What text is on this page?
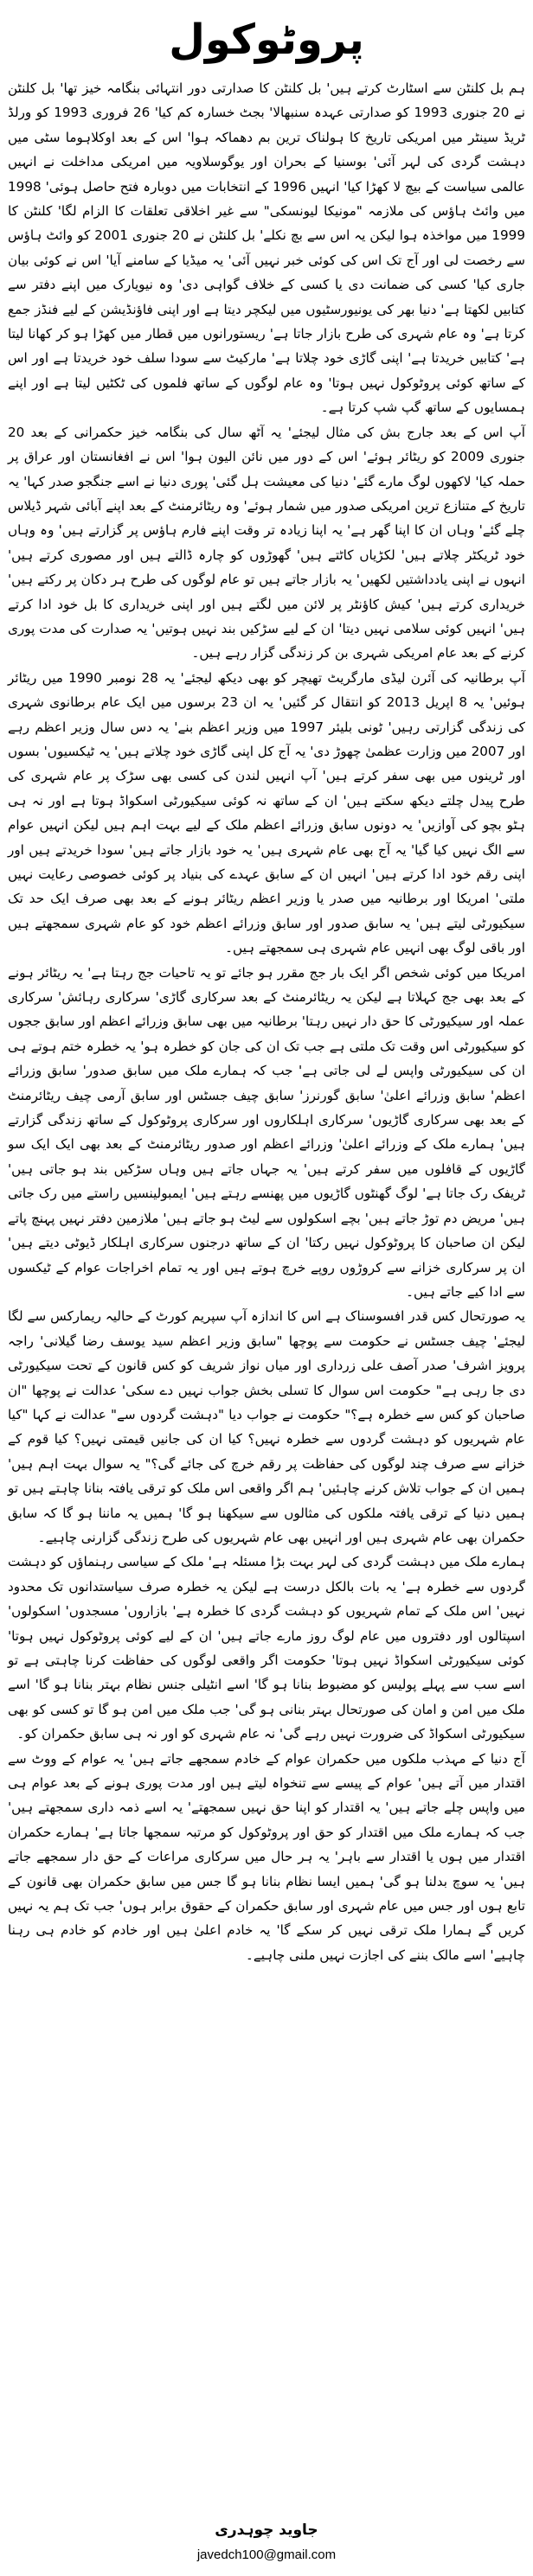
پروٹوکول

ہم بل کلنٹن سے اسٹارٹ کرتے ہیں' بل کلنٹن کا صدارتی دور انتہائی بنگامہ خیز تھا' بل کلنٹن نے 20 جنوری 1993 کو صدارتی عہدہ سنبھالا' بجٹ خسارہ کم کیا' 26 فروری 1993 کو ورلڈ ٹریڈ سینٹر میں امریکی تاریخ کا ہولناک ترین بم دھماکہ ہوا' اس کے بعد اوکلاہوما سٹی میں دہشت گردی کی لہر آئی' بوسنیا کے بحران اور یوگوسلاویہ میں امریکی مداخلت نے انہیں عالمی سیاست کے بیچ لا کھڑا کیا' انہیں 1996 کے انتخابات میں دوبارہ فتح حاصل ہوئی' 1998 میں وائٹ ہاؤس کی ملازمہ "مونیکا لیونسکی" سے غیر اخلاقی تعلقات کا الزام لگا' کلنٹن کا 1999 میں مواخذہ ہوا لیکن یہ اس سے بچ نکلے' بل کلنٹن نے 20 جنوری 2001 کو وائٹ ہاؤس سے رخصت لی اور آج تک اس کی کوئی خبر نہیں آئی' یہ میڈیا کے سامنے آیا' اس نے کوئی بیان جاری کیا' کسی کی ضمانت دی یا کسی کے خلاف گواہی دی' وہ نیویارک میں اپنے دفتر سے کتابیں لکھتا ہے' دنیا بھر کی یونیورسٹیوں میں لیکچر دیتا ہے اور اپنی فاؤنڈیشن کے لیے فنڈز جمع کرتا ہے' وہ عام شہری کی طرح بازار جاتا ہے' ریستورانوں میں قطار میں کھڑا ہو کر کھانا لیتا ہے' کتابیں خریدتا ہے' اپنی گاڑی خود چلاتا ہے' مارکیٹ سے سودا سلف خود خریدتا ہے اور اس کے ساتھ کوئی پروٹوکول نہیں ہوتا' وہ عام لوگوں کے ساتھ فلموں کی ٹکٹیں لیتا ہے اور اپنے ہمسایوں کے ساتھ گپ شپ کرتا ہے۔

آپ اس کے بعد جارج بش کی مثال لیجئے' یہ آٹھ سال کی بنگامہ خیز حکمرانی کے بعد 20 جنوری 2009 کو ریٹائر ہوئے' اس کے دور میں نائن الیون ہوا' اس نے افغانستان اور عراق پر حملہ کیا' لاکھوں لوگ مارے گئے' دنیا کی معیشت ہل گئی' پوری دنیا نے اسے جنگجو صدر کہا' یہ تاریخ کے متنازع ترین امریکی صدور میں شمار ہوئے' وہ ریٹائرمنٹ کے بعد اپنے آبائی شہر ڈیلاس چلے گئے' وہاں ان کا اپنا گھر ہے' یہ اپنا زیادہ تر وقت اپنے فارم ہاؤس پر گزارتے ہیں' وہ وہاں خود ٹریکٹر چلاتے ہیں' لکڑیاں کاٹتے ہیں' گھوڑوں کو چارہ ڈالتے ہیں اور مصوری کرتے ہیں' انہوں نے اپنی یادداشتیں لکھیں' یہ بازار جاتے ہیں تو عام لوگوں کی طرح ہر دکان پر رکتے ہیں' خریداری کرتے ہیں' کیش کاؤنٹر پر لائن میں لگتے ہیں اور اپنی خریداری کا بل خود ادا کرتے ہیں' انہیں کوئی سلامی نہیں دیتا' ان کے لیے سڑکیں بند نہیں ہوتیں' یہ صدارت کی مدت پوری کرنے کے بعد عام امریکی شہری بن کر زندگی گزار رہے ہیں۔

آپ برطانیہ کی آئرن لیڈی مارگریٹ تھیچر کو بھی دیکھ لیجئے' یہ 28 نومبر 1990 میں ریٹائر ہوئیں' یہ 8 اپریل 2013 کو انتقال کر گئیں' یہ ان 23 برسوں میں ایک عام برطانوی شہری کی زندگی گزارتی رہیں' ٹونی بلیئر 1997 میں وزیر اعظم بنے' یہ دس سال وزیر اعظم رہے اور 2007 میں وزارت عظمیٰ چھوڑ دی' یہ آج کل اپنی گاڑی خود چلاتے ہیں' یہ ٹیکسیوں' بسوں اور ٹرینوں میں بھی سفر کرتے ہیں' آپ انہیں لندن کی کسی بھی سڑک پر عام شہری کی طرح پیدل چلتے دیکھ سکتے ہیں' ان کے ساتھ نہ کوئی سیکیورٹی اسکواڈ ہوتا ہے اور نہ ہی ہٹو بچو کی آوازیں' یہ دونوں سابق وزرائے اعظم ملک کے لیے بہت اہم ہیں لیکن انہیں عوام سے الگ نہیں کیا گیا' یہ آج بھی عام شہری ہیں' یہ خود بازار جاتے ہیں' سودا خریدتے ہیں اور اپنی رقم خود ادا کرتے ہیں' انہیں ان کے سابق عہدے کی بنیاد پر کوئی خصوصی رعایت نہیں ملتی' امریکا اور برطانیہ میں صدر یا وزیر اعظم ریٹائر ہونے کے بعد بھی صرف ایک حد تک سیکیورٹی لیتے ہیں' یہ سابق صدور اور سابق وزرائے اعظم خود کو عام شہری سمجھتے ہیں اور باقی لوگ بھی انہیں عام شہری ہی سمجھتے ہیں۔

امریکا میں کوئی شخص اگر ایک بار جج مقرر ہو جائے تو یہ تاحیات جج رہتا ہے' یہ ریٹائر ہونے کے بعد بھی جج کہلاتا ہے لیکن یہ ریٹائرمنٹ کے بعد سرکاری گاڑی' سرکاری رہائش' سرکاری عملہ اور سیکیورٹی کا حق دار نہیں رہتا' برطانیہ میں بھی سابق وزرائے اعظم اور سابق ججوں کو سیکیورٹی اس وقت تک ملتی ہے جب تک ان کی جان کو خطرہ ہو' یہ خطرہ ختم ہوتے ہی ان کی سیکیورٹی واپس لے لی جاتی ہے' جب کہ ہمارے ملک میں سابق صدور' سابق وزرائے اعظم' سابق وزرائے اعلیٰ' سابق گورنرز' سابق چیف جسٹس اور سابق آرمی چیف ریٹائرمنٹ کے بعد بھی سرکاری گاڑیوں' سرکاری اہلکاروں اور سرکاری پروٹوکول کے ساتھ زندگی گزارتے ہیں' ہمارے ملک کے وزرائے اعلیٰ' وزرائے اعظم اور صدور ریٹائرمنٹ کے بعد بھی ایک ایک سو گاڑیوں کے قافلوں میں سفر کرتے ہیں' یہ جہاں جاتے ہیں وہاں سڑکیں بند ہو جاتی ہیں' ٹریفک رک جاتا ہے' لوگ گھنٹوں گاڑیوں میں پھنسے رہتے ہیں' ایمبولینسیں راستے میں رک جاتی ہیں' مریض دم توڑ جاتے ہیں' بچے اسکولوں سے لیٹ ہو جاتے ہیں' ملازمین دفتر نہیں پہنچ پاتے لیکن ان صاحبان کا پروٹوکول نہیں رکتا' ان کے ساتھ درجنوں سرکاری اہلکار ڈیوٹی دیتے ہیں' ان پر سرکاری خزانے سے کروڑوں روپے خرچ ہوتے ہیں اور یہ تمام اخراجات عوام کے ٹیکسوں سے ادا کیے جاتے ہیں۔

یہ صورتحال کس قدر افسوسناک ہے اس کا اندازہ آپ سپریم کورٹ کے حالیہ ریمارکس سے لگا لیجئے' چیف جسٹس نے حکومت سے پوچھا "سابق وزیر اعظم سید یوسف رضا گیلانی' راجہ پرویز اشرف' صدر آصف علی زرداری اور میاں نواز شریف کو کس قانون کے تحت سیکیورٹی دی جا رہی ہے" حکومت اس سوال کا تسلی بخش جواب نہیں دے سکی' عدالت نے پوچھا "ان صاحبان کو کس سے خطرہ ہے؟" حکومت نے جواب دیا "دہشت گردوں سے" عدالت نے کہا "کیا عام شہریوں کو دہشت گردوں سے خطرہ نہیں؟ کیا ان کی جانیں قیمتی نہیں؟ کیا قوم کے خزانے سے صرف چند لوگوں کی حفاظت پر رقم خرچ کی جائے گی؟" یہ سوال بہت اہم ہیں' ہمیں ان کے جواب تلاش کرنے چاہئیں' ہم اگر واقعی اس ملک کو ترقی یافتہ بنانا چاہتے ہیں تو ہمیں دنیا کے ترقی یافتہ ملکوں کی مثالوں سے سیکھنا ہو گا' ہمیں یہ ماننا ہو گا کہ سابق حکمران بھی عام شہری ہیں اور انہیں بھی عام شہریوں کی طرح زندگی گزارنی چاہیے۔

ہمارے ملک میں دہشت گردی کی لہر بہت بڑا مسئلہ ہے' ملک کے سیاسی رہنماؤں کو دہشت گردوں سے خطرہ ہے' یہ بات بالکل درست ہے لیکن یہ خطرہ صرف سیاستدانوں تک محدود نہیں' اس ملک کے تمام شہریوں کو دہشت گردی کا خطرہ ہے' بازاروں' مسجدوں' اسکولوں' اسپتالوں اور دفتروں میں عام لوگ روز مارے جاتے ہیں' ان کے لیے کوئی پروٹوکول نہیں ہوتا' کوئی سیکیورٹی اسکواڈ نہیں ہوتا' حکومت اگر واقعی لوگوں کی حفاظت کرنا چاہتی ہے تو اسے سب سے پہلے پولیس کو مضبوط بنانا ہو گا' اسے انٹیلی جنس نظام بہتر بنانا ہو گا' اسے ملک میں امن و امان کی صورتحال بہتر بنانی ہو گی' جب ملک میں امن ہو گا تو کسی کو بھی سیکیورٹی اسکواڈ کی ضرورت نہیں رہے گی' نہ عام شہری کو اور نہ ہی سابق حکمران کو۔

آج دنیا کے مہذب ملکوں میں حکمران عوام کے خادم سمجھے جاتے ہیں' یہ عوام کے ووٹ سے اقتدار میں آتے ہیں' عوام کے پیسے سے تنخواہ لیتے ہیں اور مدت پوری ہونے کے بعد عوام ہی میں واپس چلے جاتے ہیں' یہ اقتدار کو اپنا حق نہیں سمجھتے' یہ اسے ذمہ داری سمجھتے ہیں' جب کہ ہمارے ملک میں اقتدار کو حق اور پروٹوکول کو مرتبہ سمجھا جاتا ہے' ہمارے حکمران اقتدار میں ہوں یا اقتدار سے باہر' یہ ہر حال میں سرکاری مراعات کے حق دار سمجھے جاتے ہیں' یہ سوچ بدلنا ہو گی' ہمیں ایسا نظام بنانا ہو گا جس میں سابق حکمران بھی قانون کے تابع ہوں اور جس میں عام شہری اور سابق حکمران کے حقوق برابر ہوں' جب تک ہم یہ نہیں کریں گے ہمارا ملک ترقی نہیں کر سکے گا' یہ خادم اعلیٰ ہیں اور خادم کو خادم ہی رہنا چاہیے' اسے مالک بننے کی اجازت نہیں ملنی چاہیے۔

جاوید چوہدری
javedch100@gmail.com
